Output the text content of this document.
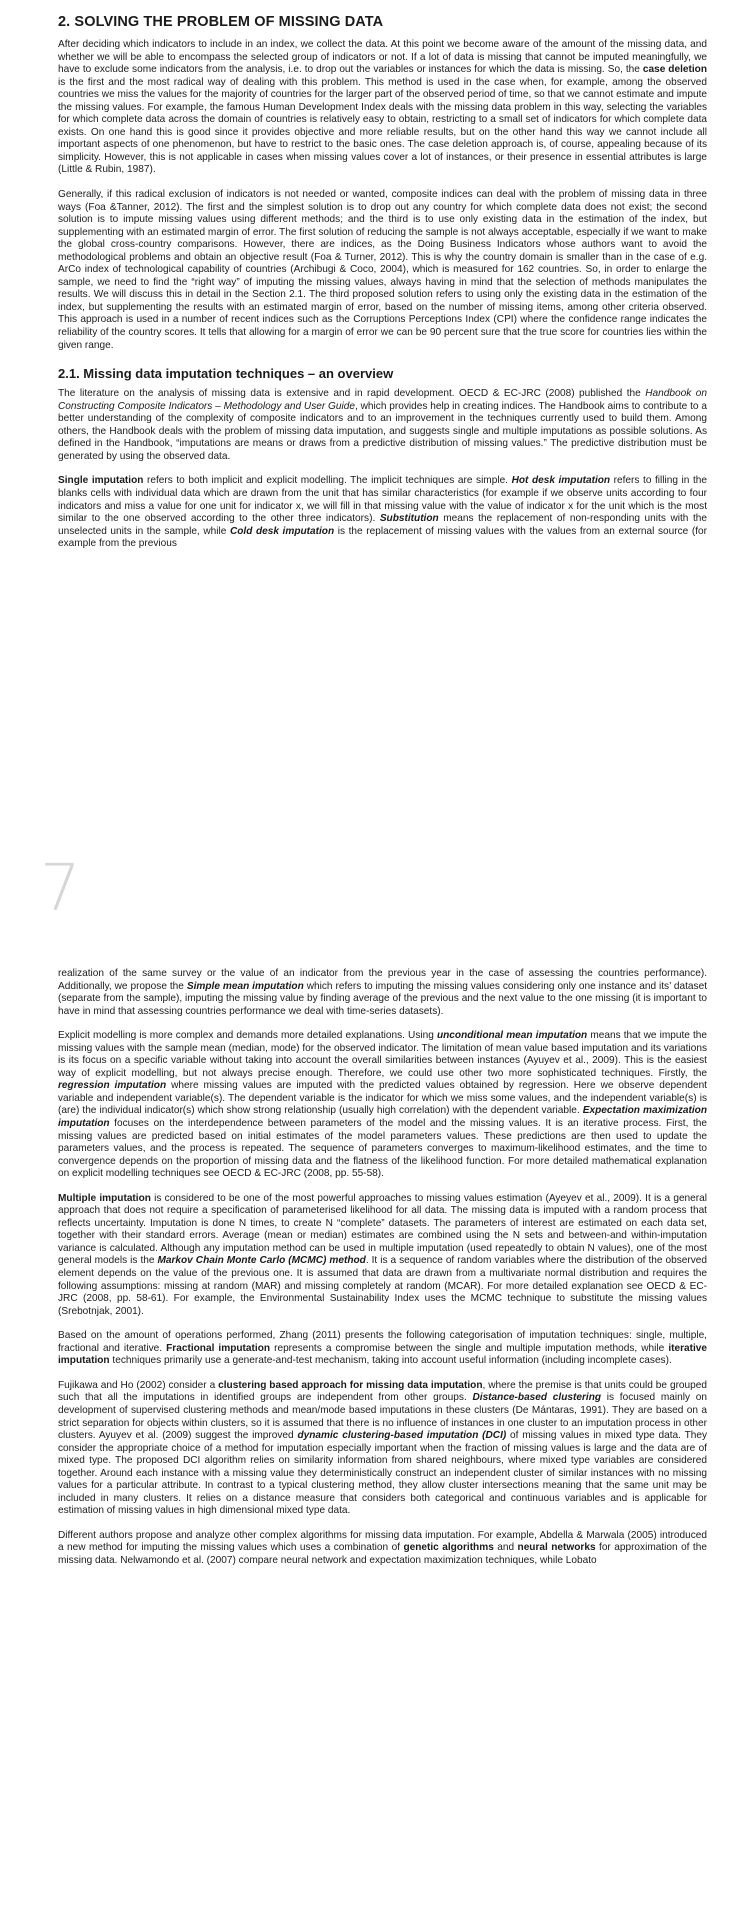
2. SOLVING THE PROBLEM OF MISSING DATA

After deciding which indicators to include in an index, we collect the data. At this point we become aware of the amount of the missing data, and whether we will be able to encompass the selected group of indicators or not. If a lot of data is missing that cannot be imputed meaningfully, we have to exclude some indicators from the analysis, i.e. to drop out the variables or instances for which the data is missing. So, the case deletion is the first and the most radical way of dealing with this problem. This method is used in the case when, for example, among the observed countries we miss the values for the majority of countries for the larger part of the observed period of time, so that we cannot estimate and impute the missing values. For example, the famous Human Development Index deals with the missing data problem in this way, selecting the variables for which complete data across the domain of countries is relatively easy to obtain, restricting to a small set of indicators for which complete data exists. On one hand this is good since it provides objective and more reliable results, but on the other hand this way we cannot include all important aspects of one phenomenon, but have to restrict to the basic ones. The case deletion approach is, of course, appealing because of its simplicity. However, this is not applicable in cases when missing values cover a lot of instances, or their presence in essential attributes is large (Little & Rubin, 1987).

Generally, if this radical exclusion of indicators is not needed or wanted, composite indices can deal with the problem of missing data in three ways (Foa &Tanner, 2012). The first and the simplest solution is to drop out any country for which complete data does not exist; the second solution is to impute missing values using different methods; and the third is to use only existing data in the estimation of the index, but supplementing with an estimated margin of error. The first solution of reducing the sample is not always acceptable, especially if we want to make the global cross-country comparisons. However, there are indices, as the Doing Business Indicators whose authors want to avoid the methodological problems and obtain an objective result (Foa & Turner, 2012). This is why the country domain is smaller than in the case of e.g. ArCo index of technological capability of countries (Archibugi & Coco, 2004), which is measured for 162 countries. So, in order to enlarge the sample, we need to find the “right way” of imputing the missing values, always having in mind that the selection of methods manipulates the results. We will discuss this in detail in the Section 2.1. The third proposed solution refers to using only the existing data in the estimation of the index, but supplementing the results with an estimated margin of error, based on the number of missing items, among other criteria observed. This approach is used in a number of recent indices such as the Corruptions Perceptions Index (CPI) where the confidence range indicates the reliability of the country scores. It tells that allowing for a margin of error we can be 90 percent sure that the true score for countries lies within the given range.

2.1. Missing data imputation techniques – an overview

The literature on the analysis of missing data is extensive and in rapid development. OECD & EC-JRC (2008) published the Handbook on Constructing Composite Indicators – Methodology and User Guide, which provides help in creating indices. The Handbook aims to contribute to a better understanding of the complexity of composite indicators and to an improvement in the techniques currently used to build them. Among others, the Handbook deals with the problem of missing data imputation, and suggests single and multiple imputations as possible solutions. As defined in the Handbook, “imputations are means or draws from a predictive distribution of missing values.” The predictive distribution must be generated by using the observed data.

Single imputation refers to both implicit and explicit modelling. The implicit techniques are simple. Hot desk imputation refers to filling in the blanks cells with individual data which are drawn from the unit that has similar characteristics (for example if we observe units according to four indicators and miss a value for one unit for indicator x, we will fill in that missing value with the value of indicator x for the unit which is the most similar to the one observed according to the other three indicators). Substitution means the replacement of non-responding units with the unselected units in the sample, while Cold desk imputation is the replacement of missing values with the values from an external source (for example from the previous

7

realization of the same survey or the value of an indicator from the previous year in the case of assessing the countries performance). Additionally, we propose the Simple mean imputation which refers to imputing the missing values considering only one instance and its’ dataset (separate from the sample), imputing the missing value by finding average of the previous and the next value to the one missing (it is important to have in mind that assessing countries performance we deal with time-series datasets).

Explicit modelling is more complex and demands more detailed explanations. Using unconditional mean imputation means that we impute the missing values with the sample mean (median, mode) for the observed indicator. The limitation of mean value based imputation and its variations is its focus on a specific variable without taking into account the overall similarities between instances (Ayuyev et al., 2009). This is the easiest way of explicit modelling, but not always precise enough. Therefore, we could use other two more sophisticated techniques. Firstly, the regression imputation where missing values are imputed with the predicted values obtained by regression. Here we observe dependent variable and independent variable(s). The dependent variable is the indicator for which we miss some values, and the independent variable(s) is (are) the individual indicator(s) which show strong relationship (usually high correlation) with the dependent variable. Expectation maximization imputation focuses on the interdependence between parameters of the model and the missing values. It is an iterative process. First, the missing values are predicted based on initial estimates of the model parameters values. These predictions are then used to update the parameters values, and the process is repeated. The sequence of parameters converges to maximum-likelihood estimates, and the time to convergence depends on the proportion of missing data and the flatness of the likelihood function. For more detailed mathematical explanation on explicit modelling techniques see OECD & EC-JRC (2008, pp. 55-58).

Multiple imputation is considered to be one of the most powerful approaches to missing values estimation (Ayeyev et al., 2009). It is a general approach that does not require a specification of parameterised likelihood for all data. The missing data is imputed with a random process that reflects uncertainty. Imputation is done N times, to create N “complete” datasets. The parameters of interest are estimated on each data set, together with their standard errors. Average (mean or median) estimates are combined using the N sets and between-and within-imputation variance is calculated. Although any imputation method can be used in multiple imputation (used repeatedly to obtain N values), one of the most general models is the Markov Chain Monte Carlo (MCMC) method. It is a sequence of random variables where the distribution of the observed element depends on the value of the previous one. It is assumed that data are drawn from a multivariate normal distribution and requires the following assumptions: missing at random (MAR) and missing completely at random (MCAR). For more detailed explanation see OECD & EC-JRC (2008, pp. 58-61). For example, the Environmental Sustainability Index uses the MCMC technique to substitute the missing values (Srebotnjak, 2001).

Based on the amount of operations performed, Zhang (2011) presents the following categorisation of imputation techniques: single, multiple, fractional and iterative. Fractional imputation represents a compromise between the single and multiple imputation methods, while iterative imputation techniques primarily use a generate-and-test mechanism, taking into account useful information (including incomplete cases).

Fujikawa and Ho (2002) consider a clustering based approach for missing data imputation, where the premise is that units could be grouped such that all the imputations in identified groups are independent from other groups. Distance-based clustering is focused mainly on development of supervised clustering methods and mean/mode based imputations in these clusters (De Mántaras, 1991). They are based on a strict separation for objects within clusters, so it is assumed that there is no influence of instances in one cluster to an imputation process in other clusters. Ayuyev et al. (2009) suggest the improved dynamic clustering-based imputation (DCI) of missing values in mixed type data. They consider the appropriate choice of a method for imputation especially important when the fraction of missing values is large and the data are of mixed type. The proposed DCI algorithm relies on similarity information from shared neighbours, where mixed type variables are considered together. Around each instance with a missing value they deterministically construct an independent cluster of similar instances with no missing values for a particular attribute. In contrast to a typical clustering method, they allow cluster intersections meaning that the same unit may be included in many clusters. It relies on a distance measure that considers both categorical and continuous variables and is applicable for estimation of missing values in high dimensional mixed type data.

Different authors propose and analyze other complex algorithms for missing data imputation. For example, Abdella & Marwala (2005) introduced a new method for imputing the missing values which uses a combination of genetic algorithms and neural networks for approximation of the missing data. Nelwamondo et al. (2007) compare neural network and expectation maximization techniques, while Lobato
